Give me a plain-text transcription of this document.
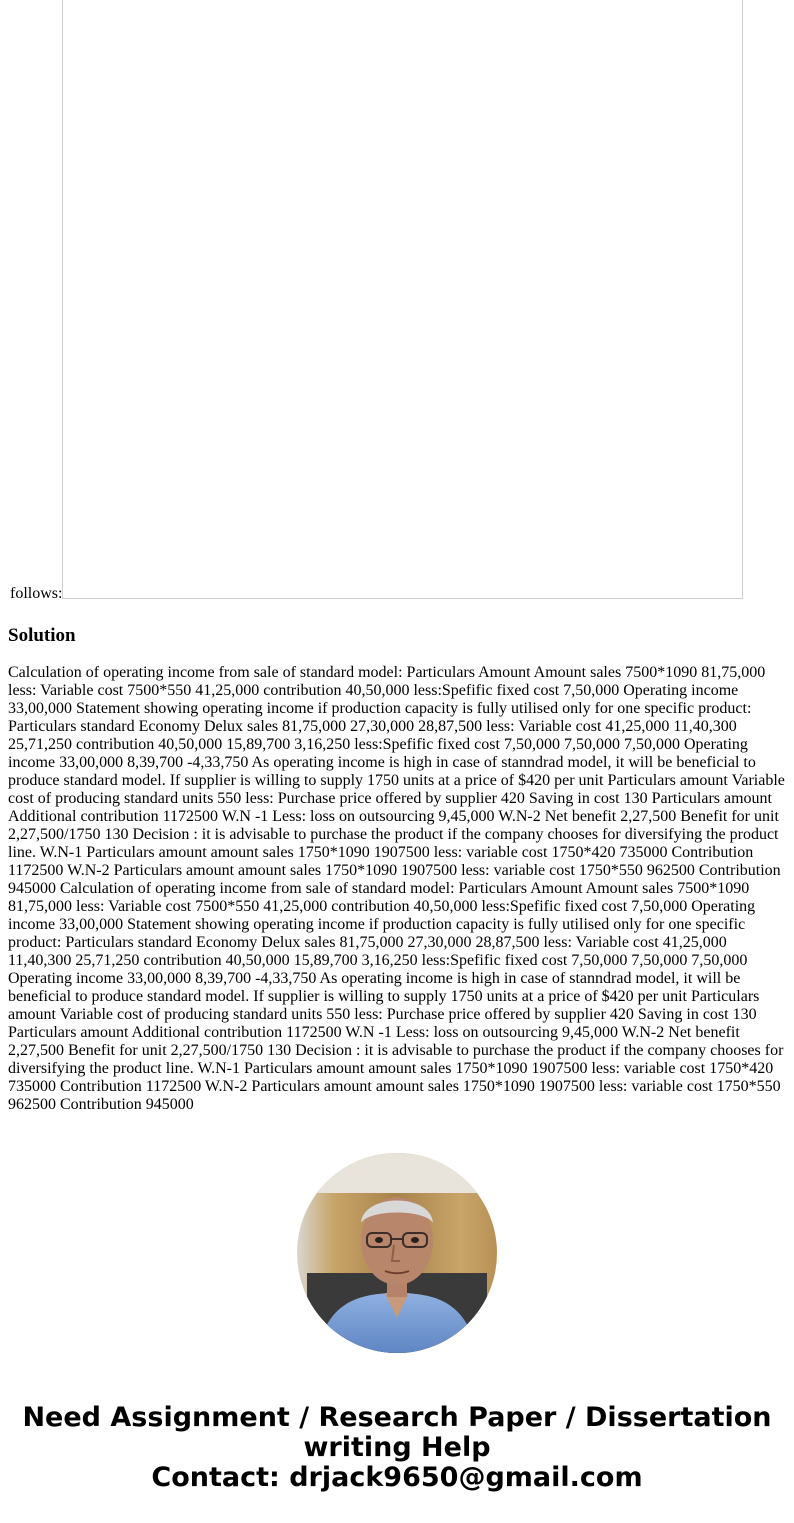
follows:
Solution

Calculation of operating income from sale of standard model: Particulars Amount Amount sales 7500*1090 81,75,000 less: Variable cost 7500*550 41,25,000 contribution 40,50,000 less:Spefific fixed cost 7,50,000 Operating income 33,00,000 Statement showing operating income if production capacity is fully utilised only for one specific product: Particulars standard Economy Delux sales 81,75,000 27,30,000 28,87,500 less: Variable cost 41,25,000 11,40,300 25,71,250 contribution 40,50,000 15,89,700 3,16,250 less:Spefific fixed cost 7,50,000 7,50,000 7,50,000 Operating income 33,00,000 8,39,700 -4,33,750 As operating income is high in case of stanndrad model, it will be beneficial to produce standard model. If supplier is willing to supply 1750 units at a price of $420 per unit Particulars amount Variable cost of producing standard units 550 less: Purchase price offered by supplier 420 Saving in cost 130 Particulars amount Additional contribution 1172500 W.N -1 Less: loss on outsourcing 9,45,000 W.N-2 Net benefit 2,27,500 Benefit for unit 2,27,500/1750 130 Decision : it is advisable to purchase the product if the company chooses for diversifying the product line. W.N-1 Particulars amount amount sales 1750*1090 1907500 less: variable cost 1750*420 735000 Contribution 1172500 W.N-2 Particulars amount amount sales 1750*1090 1907500 less: variable cost 1750*550 962500 Contribution 945000 Calculation of operating income from sale of standard model: Particulars Amount Amount sales 7500*1090 81,75,000 less: Variable cost 7500*550 41,25,000 contribution 40,50,000 less:Spefific fixed cost 7,50,000 Operating income 33,00,000 Statement showing operating income if production capacity is fully utilised only for one specific product: Particulars standard Economy Delux sales 81,75,000 27,30,000 28,87,500 less: Variable cost 41,25,000 11,40,300 25,71,250 contribution 40,50,000 15,89,700 3,16,250 less:Spefific fixed cost 7,50,000 7,50,000 7,50,000 Operating income 33,00,000 8,39,700 -4,33,750 As operating income is high in case of stanndrad model, it will be beneficial to produce standard model. If supplier is willing to supply 1750 units at a price of $420 per unit Particulars amount Variable cost of producing standard units 550 less: Purchase price offered by supplier 420 Saving in cost 130 Particulars amount Additional contribution 1172500 W.N -1 Less: loss on outsourcing 9,45,000 W.N-2 Net benefit 2,27,500 Benefit for unit 2,27,500/1750 130 Decision : it is advisable to purchase the product if the company chooses for diversifying the product line. W.N-1 Particulars amount amount sales 1750*1090 1907500 less: variable cost 1750*420 735000 Contribution 1172500 W.N-2 Particulars amount amount sales 1750*1090 1907500 less: variable cost 1750*550 962500 Contribution 945000

Need Assignment / Research Paper / Dissertation writing Help
Contact: drjack9650@gmail.com
